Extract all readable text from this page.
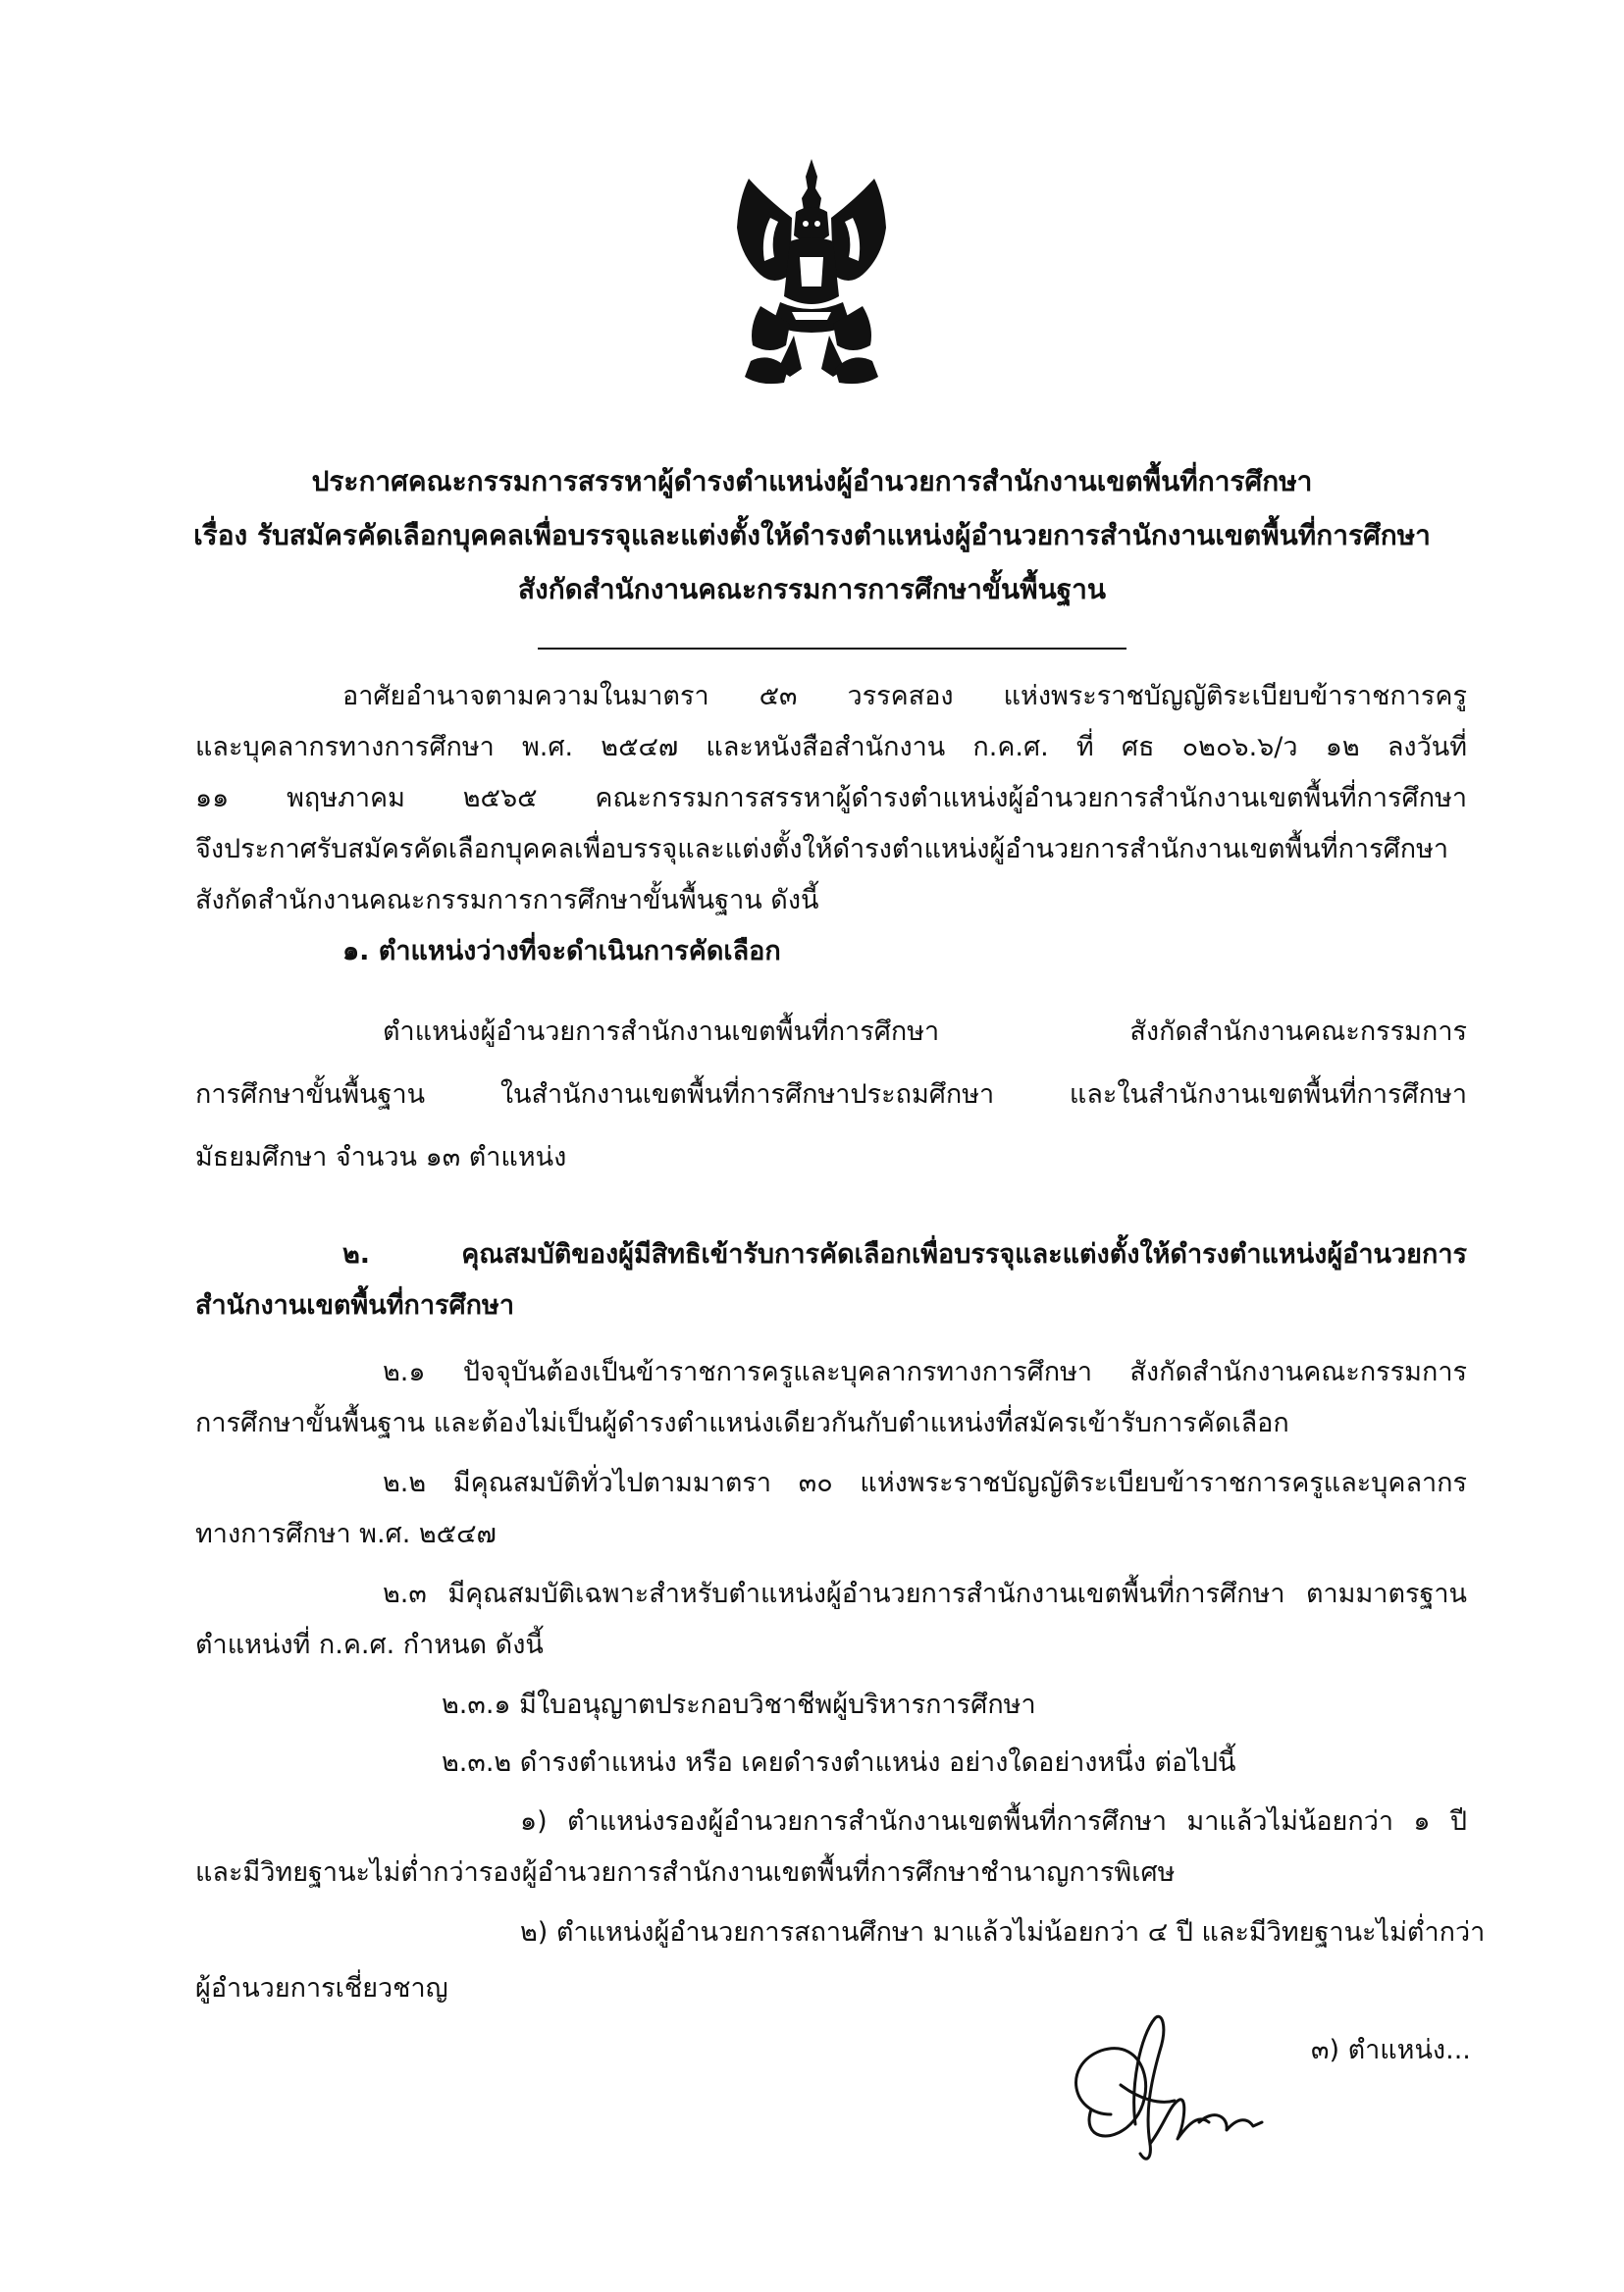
ประกาศคณะกรรมการสรรหาผู้ดำรงตำแหน่งผู้อำนวยการสำนักงานเขตพื้นที่การศึกษา
เรื่อง รับสมัครคัดเลือกบุคคลเพื่อบรรจุและแต่งตั้งให้ดำรงตำแหน่งผู้อำนวยการสำนักงานเขตพื้นที่การศึกษา
สังกัดสำนักงานคณะกรรมการการศึกษาขั้นพื้นฐาน
อาศัยอำนาจตามความในมาตรา ๕๓ วรรคสอง แห่งพระราชบัญญัติระเบียบข้าราชการครู
และบุคลากรทางการศึกษา พ.ศ. ๒๕๔๗ และหนังสือสำนักงาน ก.ค.ศ. ที่ ศธ ๐๒๐๖.๖/ว ๑๒ ลงวันที่
๑๑ พฤษภาคม ๒๕๖๕ คณะกรรมการสรรหาผู้ดำรงตำแหน่งผู้อำนวยการสำนักงานเขตพื้นที่การศึกษา
จึงประกาศรับสมัครคัดเลือกบุคคลเพื่อบรรจุและแต่งตั้งให้ดำรงตำแหน่งผู้อำนวยการสำนักงานเขตพื้นที่การศึกษา
สังกัดสำนักงานคณะกรรมการการศึกษาขั้นพื้นฐาน ดังนี้
๑. ตำแหน่งว่างที่จะดำเนินการคัดเลือก
ตำแหน่งผู้อำนวยการสำนักงานเขตพื้นที่การศึกษา สังกัดสำนักงานคณะกรรมการ
การศึกษาขั้นพื้นฐาน ในสำนักงานเขตพื้นที่การศึกษาประถมศึกษา และในสำนักงานเขตพื้นที่การศึกษา
มัธยมศึกษา จำนวน ๑๓ ตำแหน่ง
๒. คุณสมบัติของผู้มีสิทธิเข้ารับการคัดเลือกเพื่อบรรจุและแต่งตั้งให้ดำรงตำแหน่งผู้อำนวยการ
สำนักงานเขตพื้นที่การศึกษา
๒.๑ ปัจจุบันต้องเป็นข้าราชการครูและบุคลากรทางการศึกษา สังกัดสำนักงานคณะกรรมการ
การศึกษาขั้นพื้นฐาน และต้องไม่เป็นผู้ดำรงตำแหน่งเดียวกันกับตำแหน่งที่สมัครเข้ารับการคัดเลือก
๒.๒ มีคุณสมบัติทั่วไปตามมาตรา ๓๐ แห่งพระราชบัญญัติระเบียบข้าราชการครูและบุคลากร
ทางการศึกษา พ.ศ. ๒๕๔๗
๒.๓ มีคุณสมบัติเฉพาะสำหรับตำแหน่งผู้อำนวยการสำนักงานเขตพื้นที่การศึกษา ตามมาตรฐาน
ตำแหน่งที่ ก.ค.ศ. กำหนด ดังนี้
๒.๓.๑ มีใบอนุญาตประกอบวิชาชีพผู้บริหารการศึกษา
๒.๓.๒ ดำรงตำแหน่ง หรือ เคยดำรงตำแหน่ง อย่างใดอย่างหนึ่ง ต่อไปนี้
๑) ตำแหน่งรองผู้อำนวยการสำนักงานเขตพื้นที่การศึกษา มาแล้วไม่น้อยกว่า ๑ ปี
และมีวิทยฐานะไม่ต่ำกว่ารองผู้อำนวยการสำนักงานเขตพื้นที่การศึกษาชำนาญการพิเศษ
๒) ตำแหน่งผู้อำนวยการสถานศึกษา มาแล้วไม่น้อยกว่า ๔ ปี และมีวิทยฐานะไม่ต่ำกว่า
ผู้อำนวยการเชี่ยวชาญ
๓) ตำแหน่ง...
